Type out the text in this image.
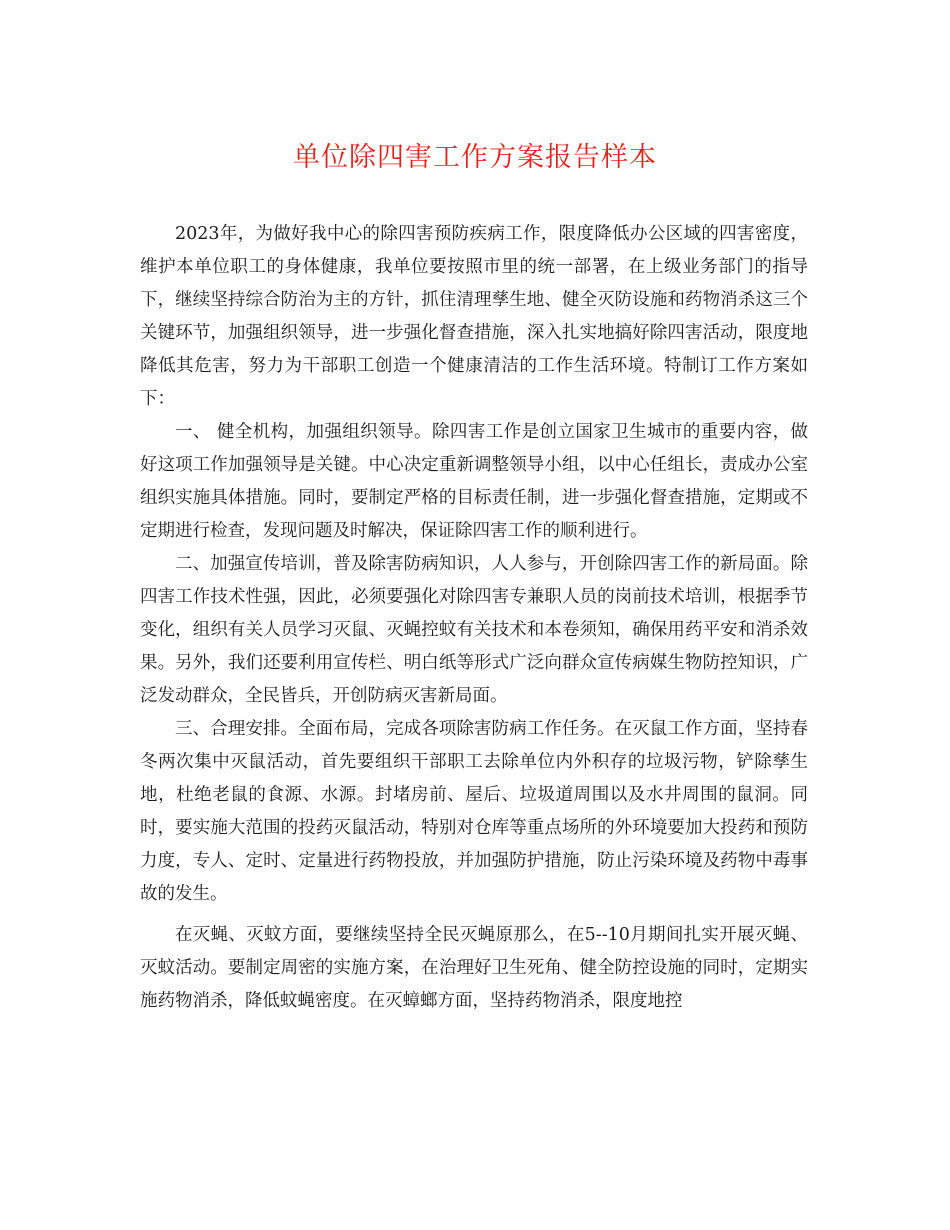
单位除四害工作方案报告样本

2023年，为做好我中心的除四害预防疾病工作，限度降低办公区域的四害密度，维护本单位职工的身体健康，我单位要按照市里的统一部署，在上级业务部门的指导下，继续坚持综合防治为主的方针，抓住清理孳生地、健全灭防设施和药物消杀这三个关键环节，加强组织领导，进一步强化督查措施，深入扎实地搞好除四害活动，限度地降低其危害，努力为干部职工创造一个健康清洁的工作生活环境。特制订工作方案如下：

一、 健全机构，加强组织领导。除四害工作是创立国家卫生城市的重要内容，做好这项工作加强领导是关键。中心决定重新调整领导小组，以中心任组长，责成办公室组织实施具体措施。同时，要制定严格的目标责任制，进一步强化督查措施，定期或不定期进行检查，发现问题及时解决，保证除四害工作的顺利进行。

二、加强宣传培训，普及除害防病知识，人人参与，开创除四害工作的新局面。除四害工作技术性强，因此，必须要强化对除四害专兼职人员的岗前技术培训，根据季节变化，组织有关人员学习灭鼠、灭蝇控蚊有关技术和本卷须知，确保用药平安和消杀效果。另外，我们还要利用宣传栏、明白纸等形式广泛向群众宣传病媒生物防控知识，广泛发动群众，全民皆兵，开创防病灭害新局面。

三、合理安排。全面布局，完成各项除害防病工作任务。在灭鼠工作方面，坚持春冬两次集中灭鼠活动，首先要组织干部职工去除单位内外积存的垃圾污物，铲除孳生地，杜绝老鼠的食源、水源。封堵房前、屋后、垃圾道周围以及水井周围的鼠洞。同时，要实施大范围的投药灭鼠活动，特别对仓库等重点场所的外环境要加大投药和预防力度，专人、定时、定量进行药物投放，并加强防护措施，防止污染环境及药物中毒事故的发生。

在灭蝇、灭蚊方面，要继续坚持全民灭蝇原那么，在5--10月期间扎实开展灭蝇、灭蚊活动。要制定周密的实施方案，在治理好卫生死角、健全防控设施的同时，定期实施药物消杀，降低蚊蝇密度。在灭蟑螂方面，坚持药物消杀，限度地控
